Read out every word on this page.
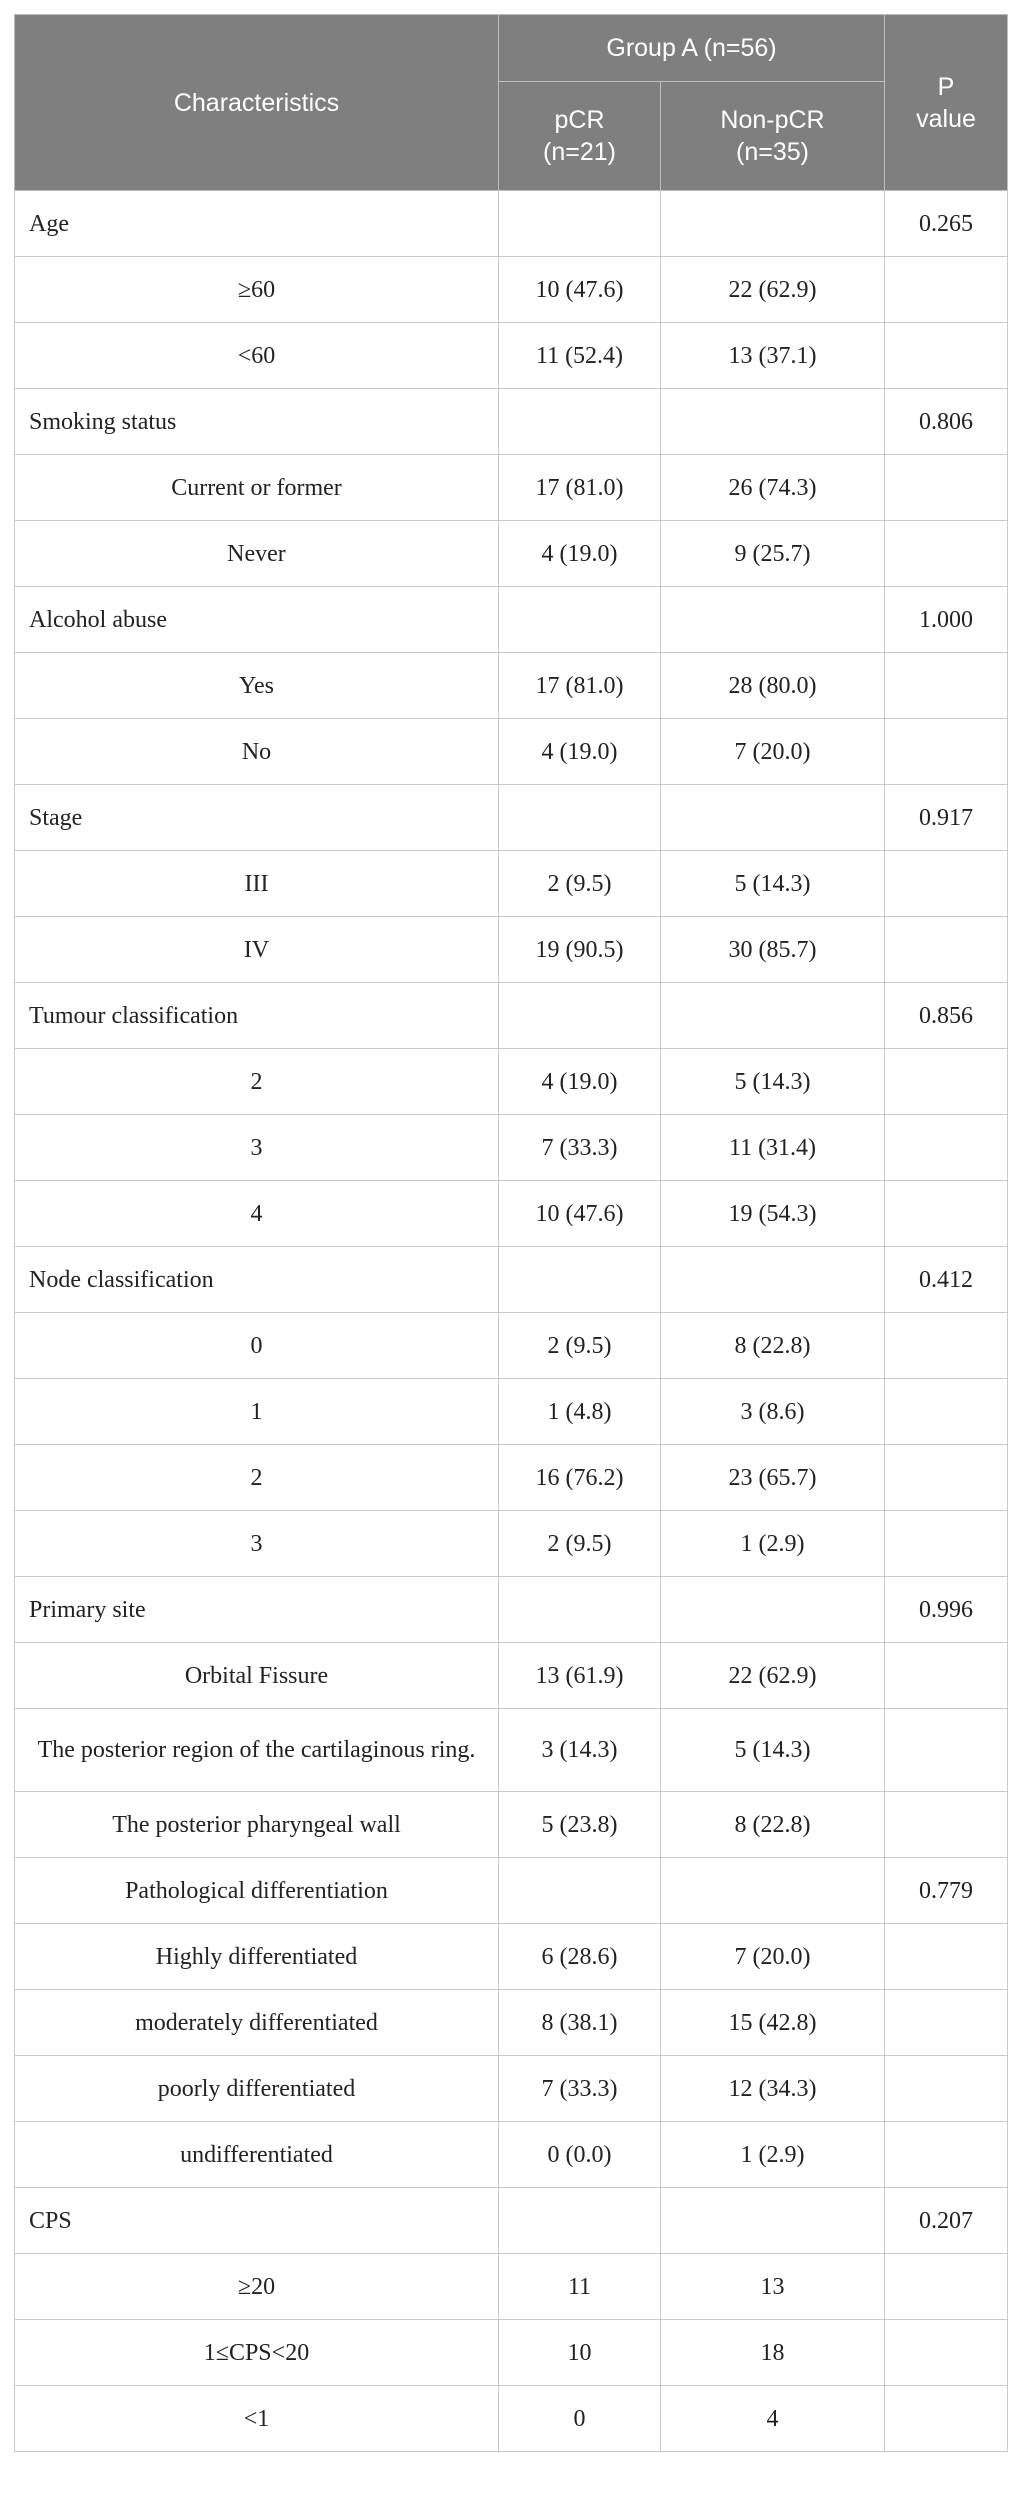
Characteristics	Group A (n=56)		P value

	pCR (n=21)	Non-pCR (n=35)	

Age			0.265
≥60	10 (47.6)	22 (62.9)	
<60	11 (52.4)	13 (37.1)	
Smoking status			0.806
Current or former	17 (81.0)	26 (74.3)	
Never	4 (19.0)	9 (25.7)	
Alcohol abuse			1.000
Yes	17 (81.0)	28 (80.0)	
No	4 (19.0)	7 (20.0)	
Stage			0.917
III	2 (9.5)	5 (14.3)	
IV	19 (90.5)	30 (85.7)	
Tumour classification			0.856
2	4 (19.0)	5 (14.3)	
3	7 (33.3)	11 (31.4)	
4	10 (47.6)	19 (54.3)	
Node classification			0.412
0	2 (9.5)	8 (22.8)	
1	1 (4.8)	3 (8.6)	
2	16 (76.2)	23 (65.7)	
3	2 (9.5)	1 (2.9)	
Primary site			0.996
Orbital Fissure	13 (61.9)	22 (62.9)	
The posterior region of the cartilaginous ring.	3 (14.3)	5 (14.3)	
The posterior pharyngeal wall	5 (23.8)	8 (22.8)	
Pathological differentiation			0.779
Highly differentiated	6 (28.6)	7 (20.0)	
moderately differentiated	8 (38.1)	15 (42.8)	
poorly differentiated	7 (33.3)	12 (34.3)	
undifferentiated	0 (0.0)	1 (2.9)	
CPS			0.207
≥20	11	13	
1≤CPS<20	10	18	
<1	0	4	
